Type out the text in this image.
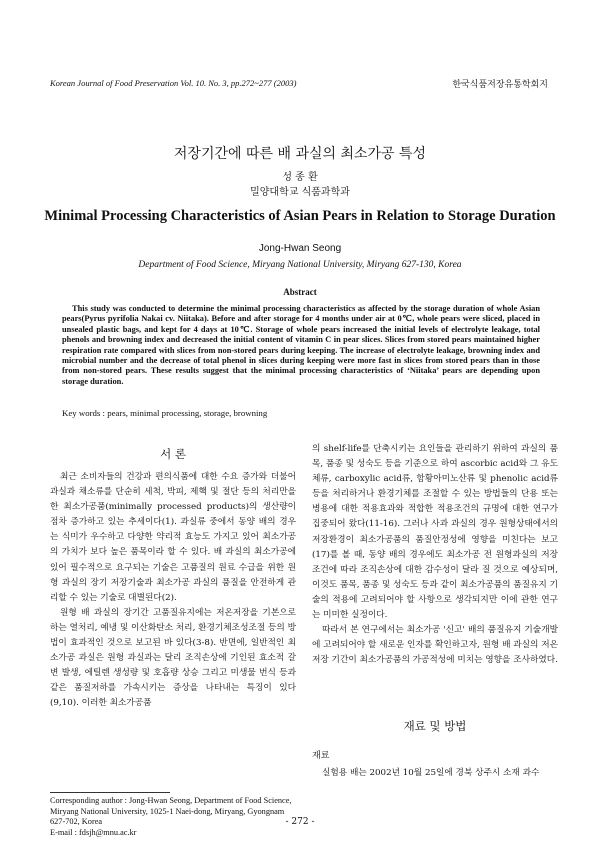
Korean Journal of Food Preservation Vol. 10. No. 3, pp.272~277 (2003)	한국식품저장유통학회지
저장기간에 따른 배 과실의 최소가공 특성
성 종 환
밀양대학교 식품과학과
Minimal Processing Characteristics of Asian Pears in Relation to Storage Duration
Jong-Hwan Seong
Department of Food Science, Miryang National University, Miryang 627-130, Korea
Abstract
This study was conducted to determine the minimal processing characteristics as affected by the storage duration of whole Asian pears(Pyrus pyrifolia Nakai cv. Niitaka). Before and after storage for 4 months under air at 0℃, whole pears were sliced, placed in unsealed plastic bags, and kept for 4 days at 10℃. Storage of whole pears increased the initial levels of electrolyte leakage, total phenols and browning index and decreased the initial content of vitamin C in pear slices. Slices from stored pears maintained higher respiration rate compared with slices from non-stored pears during keeping. The increase of electrolyte leakage, browning index and microbial number and the decrease of total phenol in slices during keeping were more fast in slices from stored pears than in those from non-stored pears. These results suggest that the minimal processing characteristics of ‘Niitaka’ pears are depending upon storage duration.
Key words : pears, minimal processing, storage, browning
서 론

최근 소비자들의 건강과 편의식품에 대한 수요 증가와 더불어 과실과 채소류를 단순히 세척, 박피, 제핵 및 절단 등의 처리만을 한 최소가공품(minimally processed products)의 생산량이 점차 증가하고 있는 추세이다(1). 과실류 중에서 동양 배의 경우는 식미가 우수하고 다양한 약리적 효능도 가지고 있어 최소가공의 가치가 보다 높은 품목이라 할 수 있다. 배 과실의 최소가공에 있어 필수적으로 요구되는 기술은 고품질의 원료 수급을 위한 원형 과실의 장기 저장기술과 최소가공 과실의 품질을 안전하게 관리할 수 있는 기술로 대별된다(2).

원형 배 과실의 장기간 고품질유지에는 저온저장을 기본으로 하는 열처리, 예냉 및 이산화탄소 처리, 환경기체조성조절 등의 방법이 효과적인 것으로 보고된 바 있다(3-8). 반면에, 일반적인 최소가공 과실은 원형 과실과는 달리 조직손상에 기인된 효소적 갈변 발생, 에틸렌 생성량 및 호흡량 상승 그리고 미생물 번식 등과 같은 품질저하를 가속시키는 증상을 나타내는 특징이 있다(9,10). 이러한 최소가공품

의 shelf-life를 단축시키는 요인들을 관리하기 위하여 과실의 품목, 품종 및 성숙도 등을 기준으로 하여 ascorbic acid와 그 유도체류, carboxylic acid류, 함황아미노산류 및 phenolic acid류 등을 처리하거나 환경기체를 조절할 수 있는 방법들의 단용 또는 병용에 대한 적용효과와 적합한 적용조건의 규명에 대한 연구가 집중되어 왔다(11-16). 그러나 사과 과실의 경우 원형상태에서의 저장환경이 최소가공품의 품질안정성에 영향을 미친다는 보고(17)를 볼 때, 동양 배의 경우에도 최소가공 전 원형과실의 저장조건에 따라 조직손상에 대한 감수성이 달라 질 것으로 예상되며, 이것도 품목, 품종 및 성숙도 등과 같이 최소가공품의 품질유지 기술의 적용에 고려되어야 할 사항으로 생각되지만 이에 관한 연구는 미미한 실정이다.

따라서 본 연구에서는 최소가공 '신고' 배의 품질유지 기술개발에 고려되어야 할 새로운 인자를 확인하고자, 원형 배 과실의 저온저장 기간이 최소가공품의 가공적성에 미치는 영향을 조사하였다.

재료 및 방법
재료
실험용 배는 2002년 10월 25일에 경북 상주시 소재 과수
Corresponding author : Jong-Hwan Seong, Department of Food Science, Miryang National University, 1025-1 Naei-dong, Miryang, Gyongnam 627-702, Korea
E-mail : fdsjh@mnu.ac.kr
- 272 -
